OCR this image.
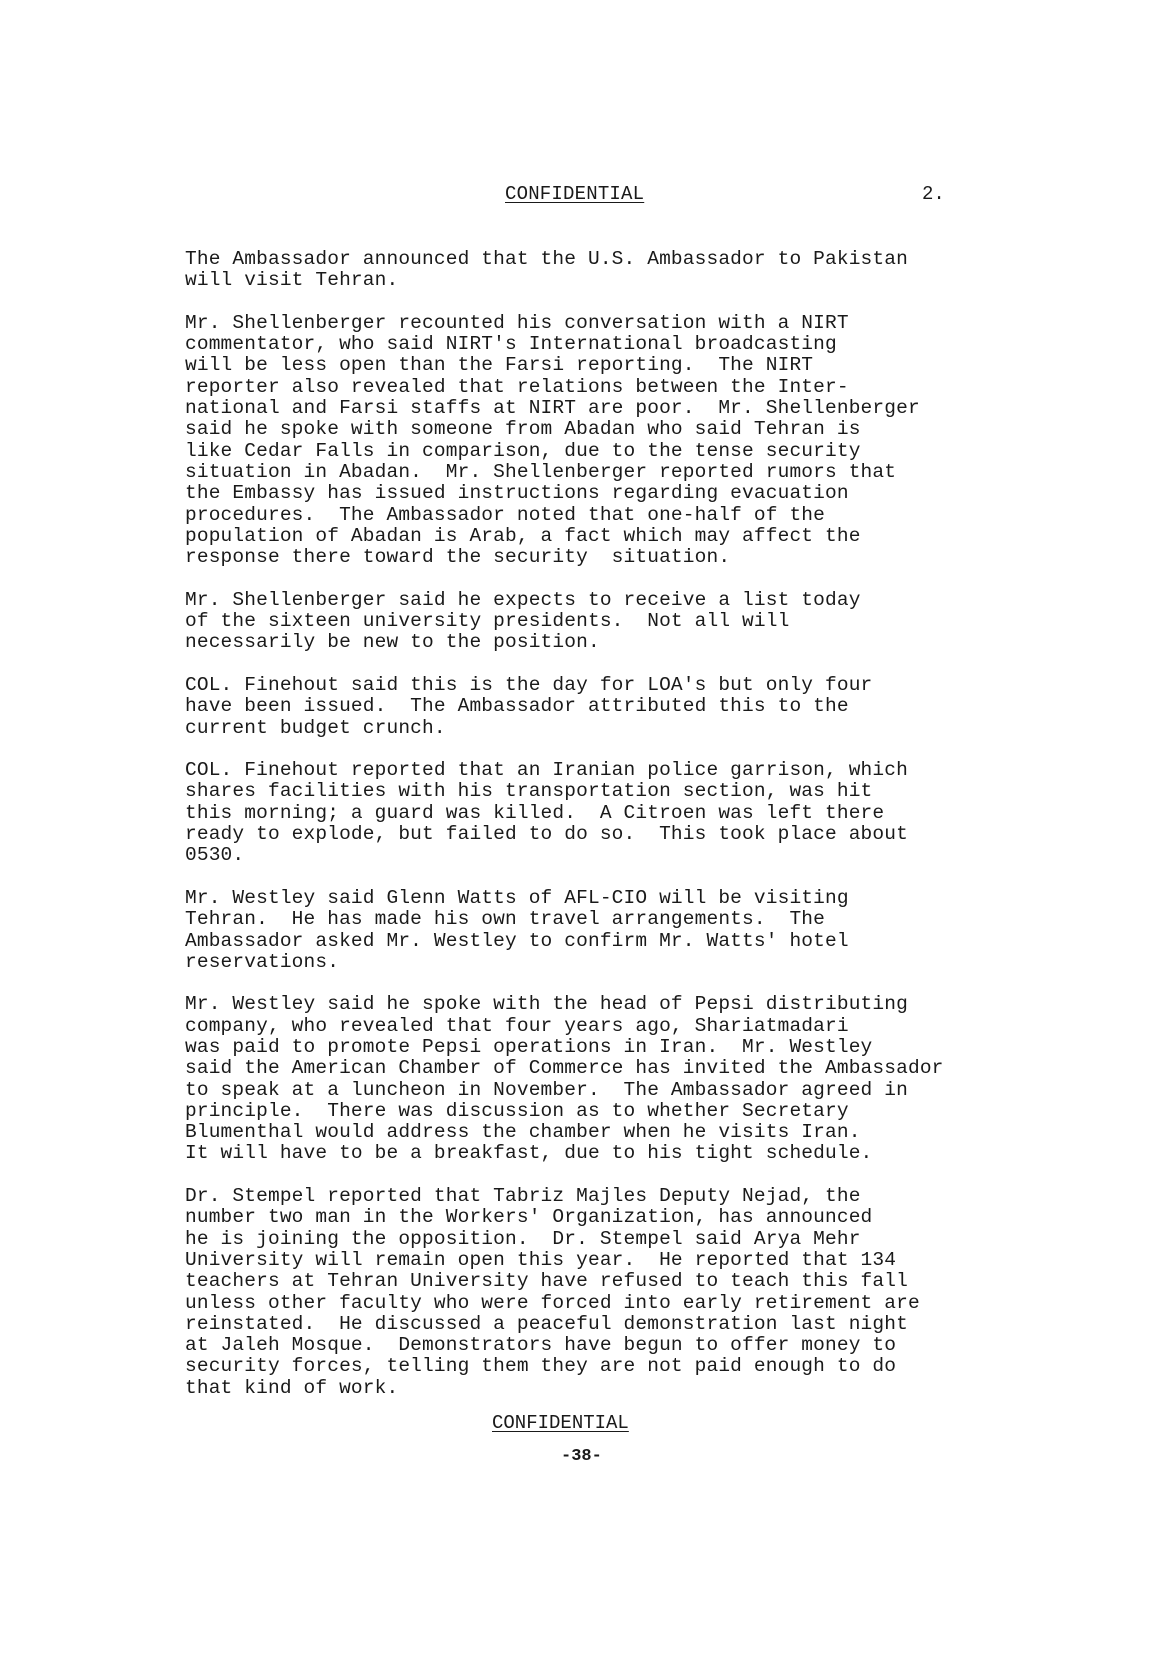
CONFIDENTIAL	2.

The Ambassador announced that the U.S. Ambassador to Pakistan
will visit Tehran.

Mr. Shellenberger recounted his conversation with a NIRT
commentator, who said NIRT's International broadcasting
will be less open than the Farsi reporting.  The NIRT
reporter also revealed that relations between the Inter-
national and Farsi staffs at NIRT are poor.  Mr. Shellenberger
said he spoke with someone from Abadan who said Tehran is
like Cedar Falls in comparison, due to the tense security
situation in Abadan.  Mr. Shellenberger reported rumors that
the Embassy has issued instructions regarding evacuation
procedures.  The Ambassador noted that one-half of the
population of Abadan is Arab, a fact which may affect the
response there toward the security  situation.

Mr. Shellenberger said he expects to receive a list today
of the sixteen university presidents.  Not all will
necessarily be new to the position.

COL. Finehout said this is the day for LOA's but only four
have been issued.  The Ambassador attributed this to the
current budget crunch.

COL. Finehout reported that an Iranian police garrison, which
shares facilities with his transportation section, was hit
this morning; a guard was killed.  A Citroen was left there
ready to explode, but failed to do so.  This took place about
0530.

Mr. Westley said Glenn Watts of AFL-CIO will be visiting
Tehran.  He has made his own travel arrangements.  The
Ambassador asked Mr. Westley to confirm Mr. Watts' hotel
reservations.

Mr. Westley said he spoke with the head of Pepsi distributing
company, who revealed that four years ago, Shariatmadari
was paid to promote Pepsi operations in Iran.  Mr. Westley
said the American Chamber of Commerce has invited the Ambassador
to speak at a luncheon in November.  The Ambassador agreed in
principle.  There was discussion as to whether Secretary
Blumenthal would address the chamber when he visits Iran.
It will have to be a breakfast, due to his tight schedule.

Dr. Stempel reported that Tabriz Majles Deputy Nejad, the
number two man in the Workers' Organization, has announced
he is joining the opposition.  Dr. Stempel said Arya Mehr
University will remain open this year.  He reported that 134
teachers at Tehran University have refused to teach this fall
unless other faculty who were forced into early retirement are
reinstated.  He discussed a peaceful demonstration last night
at Jaleh Mosque.  Demonstrators have begun to offer money to
security forces, telling them they are not paid enough to do
that kind of work.

CONFIDENTIAL
-38-
